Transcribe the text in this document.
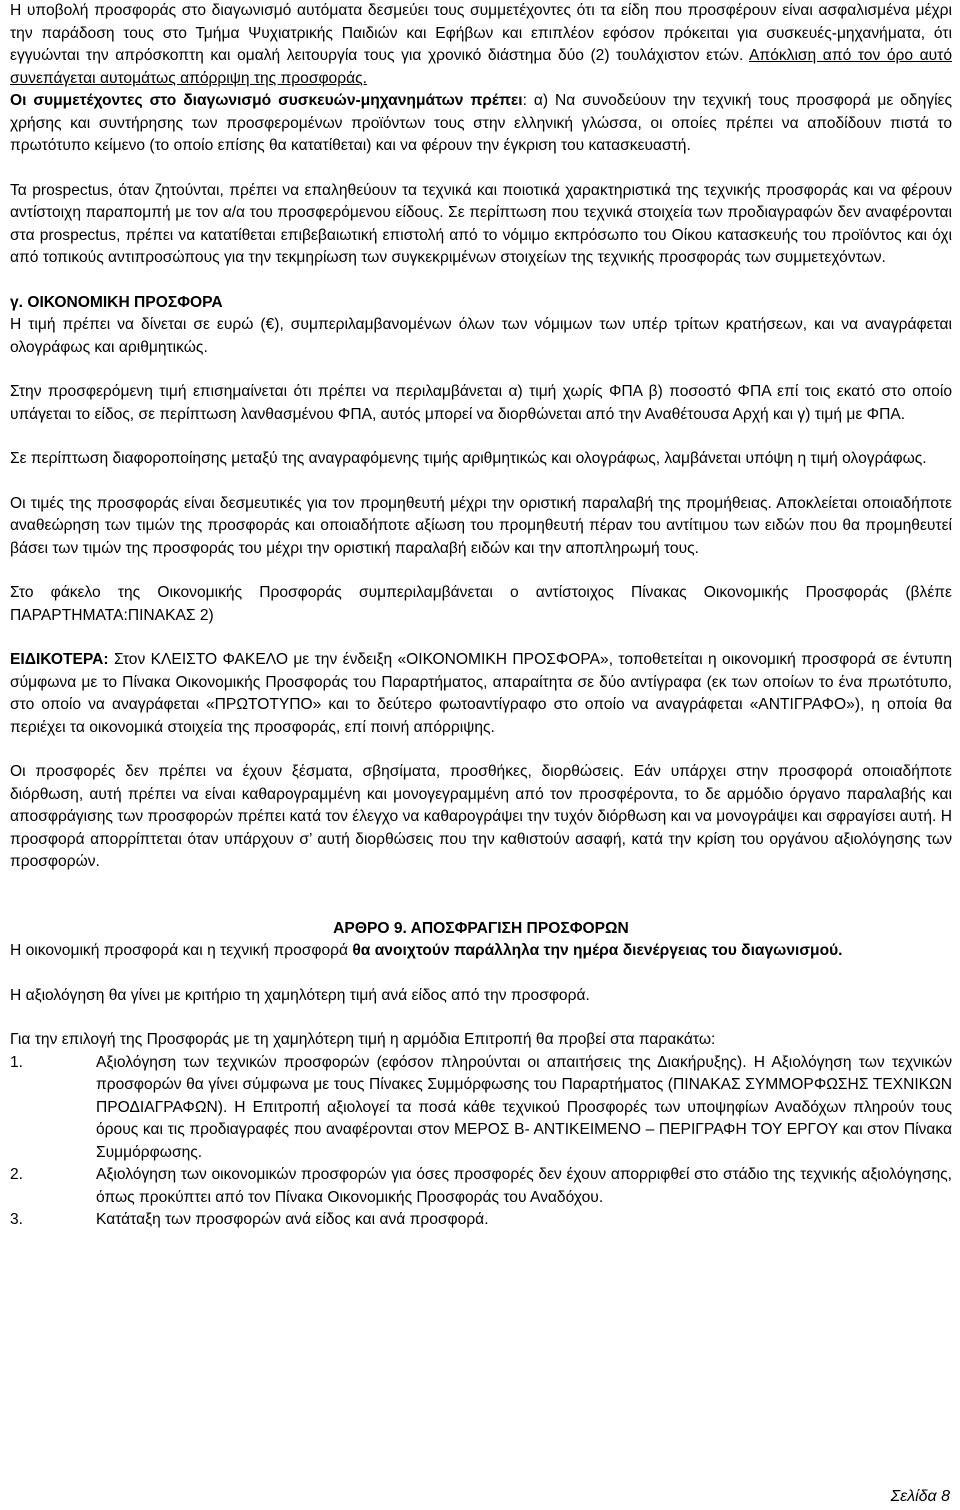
Η υποβολή προσφοράς στο διαγωνισμό αυτόματα δεσμεύει τους συμμετέχοντες ότι τα είδη που προσφέρουν είναι ασφαλισμένα μέχρι την παράδοση τους στο Τμήμα Ψυχιατρικής Παιδιών και Εφήβων και επιπλέον εφόσον πρόκειται για συσκευές-μηχανήματα, ότι εγγυώνται την απρόσκοπτη και ομαλή λειτουργία τους για χρονικό διάστημα δύο (2) τουλάχιστον ετών. Απόκλιση από τον όρο αυτό συνεπάγεται αυτομάτως απόρριψη της προσφοράς.

Οι συμμετέχοντες στο διαγωνισμό συσκευών-μηχανημάτων πρέπει: α) Να συνοδεύουν την τεχνική τους προσφορά με οδηγίες χρήσης και συντήρησης των προσφερομένων προϊόντων τους στην ελληνική γλώσσα, οι οποίες πρέπει να αποδίδουν πιστά το πρωτότυπο κείμενο (το οποίο επίσης θα κατατίθεται) και να φέρουν την έγκριση του κατασκευαστή.

Τα prospectus, όταν ζητούνται, πρέπει να επαληθεύουν τα τεχνικά και ποιοτικά χαρακτηριστικά της τεχνικής προσφοράς και να φέρουν αντίστοιχη παραπομπή με τον α/α του προσφερόμενου είδους. Σε περίπτωση που τεχνικά στοιχεία των προδιαγραφών δεν αναφέρονται στα prospectus, πρέπει να κατατίθεται επιβεβαιωτική επιστολή από το νόμιμο εκπρόσωπο του Οίκου κατασκευής του προϊόντος και όχι από τοπικούς αντιπροσώπους για την τεκμηρίωση των συγκεκριμένων στοιχείων της τεχνικής προσφοράς των συμμετεχόντων.

γ. ΟΙΚΟΝΟΜΙΚΗ ΠΡΟΣΦΟΡΑ

Η τιμή πρέπει να δίνεται σε ευρώ (€), συμπεριλαμβανομένων όλων των νόμιμων των υπέρ τρίτων κρατήσεων, και να αναγράφεται ολογράφως και αριθμητικώς.

Στην προσφερόμενη τιμή επισημαίνεται ότι πρέπει να περιλαμβάνεται α) τιμή χωρίς ΦΠΑ β) ποσοστό ΦΠΑ επί τοις εκατό στο οποίο υπάγεται το είδος, σε περίπτωση λανθασμένου ΦΠΑ, αυτός μπορεί να διορθώνεται από την Αναθέτουσα Αρχή και γ) τιμή με ΦΠΑ.

Σε περίπτωση διαφοροποίησης μεταξύ της αναγραφόμενης τιμής αριθμητικώς και ολογράφως, λαμβάνεται υπόψη η τιμή ολογράφως.

Οι τιμές της προσφοράς είναι δεσμευτικές για τον προμηθευτή μέχρι την οριστική παραλαβή της προμήθειας. Αποκλείεται οποιαδήποτε αναθεώρηση των τιμών της προσφοράς και οποιαδήποτε αξίωση του προμηθευτή πέραν του αντίτιμου των ειδών που θα προμηθευτεί βάσει των τιμών της προσφοράς του μέχρι την οριστική παραλαβή ειδών και την αποπληρωμή τους.

Στο φάκελο της Οικονομικής Προσφοράς συμπεριλαμβάνεται ο αντίστοιχος Πίνακας Οικονομικής Προσφοράς (βλέπε ΠΑΡΑΡΤΗΜΑΤΑ:ΠΙΝΑΚΑΣ 2)

ΕΙΔΙΚΟΤΕΡΑ: Στον ΚΛΕΙΣΤΟ ΦΑΚΕΛΟ με την ένδειξη «ΟΙΚΟΝΟΜΙΚΗ ΠΡΟΣΦΟΡΑ», τοποθετείται η οικονομική προσφορά σε έντυπη σύμφωνα με το Πίνακα Οικονομικής Προσφοράς του Παραρτήματος, απαραίτητα σε δύο αντίγραφα (εκ των οποίων το ένα πρωτότυπο, στο οποίο να αναγράφεται «ΠΡΩΤΟΤΥΠΟ» και το δεύτερο φωτοαντίγραφο στο οποίο να αναγράφεται «ΑΝΤΙΓΡΑΦΟ»), η οποία θα περιέχει τα οικονομικά στοιχεία της προσφοράς, επί ποινή απόρριψης.

Οι προσφορές δεν πρέπει να έχουν ξέσματα, σβησίματα, προσθήκες, διορθώσεις. Εάν υπάρχει στην προσφορά οποιαδήποτε διόρθωση, αυτή πρέπει να είναι καθαρογραμμένη και μονογεγραμμένη από τον προσφέροντα, το δε αρμόδιο όργανο παραλαβής και αποσφράγισης των προσφορών πρέπει κατά τον έλεγχο να καθαρογράψει την τυχόν διόρθωση και να μονογράψει και σφραγίσει αυτή. Η προσφορά απορρίπτεται όταν υπάρχουν σ’ αυτή διορθώσεις που την καθιστούν ασαφή, κατά την κρίση του οργάνου αξιολόγησης των προσφορών.

ΑΡΘΡΟ 9. ΑΠΟΣΦΡΑΓΙΣΗ ΠΡΟΣΦΟΡΩΝ

Η οικονομική προσφορά και η τεχνική προσφορά θα ανοιχτούν παράλληλα την ημέρα διενέργειας του διαγωνισμού.

Η αξιολόγηση θα γίνει με κριτήριο τη χαμηλότερη τιμή ανά είδος από την προσφορά.

Για την επιλογή της Προσφοράς με τη χαμηλότερη τιμή η αρμόδια Επιτροπή θα προβεί στα παρακάτω:

1.	Αξιολόγηση των τεχνικών προσφορών (εφόσον πληρούνται οι απαιτήσεις της Διακήρυξης). Η Αξιολόγηση των τεχνικών προσφορών θα γίνει σύμφωνα με τους Πίνακες Συμμόρφωσης του Παραρτήματος (ΠΙΝΑΚΑΣ ΣΥΜΜΟΡΦΩΣΗΣ ΤΕΧΝΙΚΩΝ ΠΡΟΔΙΑΓΡΑΦΩΝ). Η Επιτροπή αξιολογεί τα ποσά κάθε τεχνικού Προσφορές των υποψηφίων Αναδόχων πληρούν τους όρους και τις προδιαγραφές που αναφέρονται στον ΜΕΡΟΣ Β- ΑΝΤΙΚΕΙΜΕΝΟ – ΠΕΡΙΓΡΑΦΗ ΤΟΥ ΕΡΓΟΥ και στον Πίνακα Συμμόρφωσης.
2.	Αξιολόγηση των οικονομικών προσφορών για όσες προσφορές δεν έχουν απορριφθεί στο στάδιο της τεχνικής αξιολόγησης, όπως προκύπτει από τον Πίνακα Οικονομικής Προσφοράς του Αναδόχου.
3.	Κατάταξη των προσφορών ανά είδος και ανά προσφορά.
Σελίδα 8
